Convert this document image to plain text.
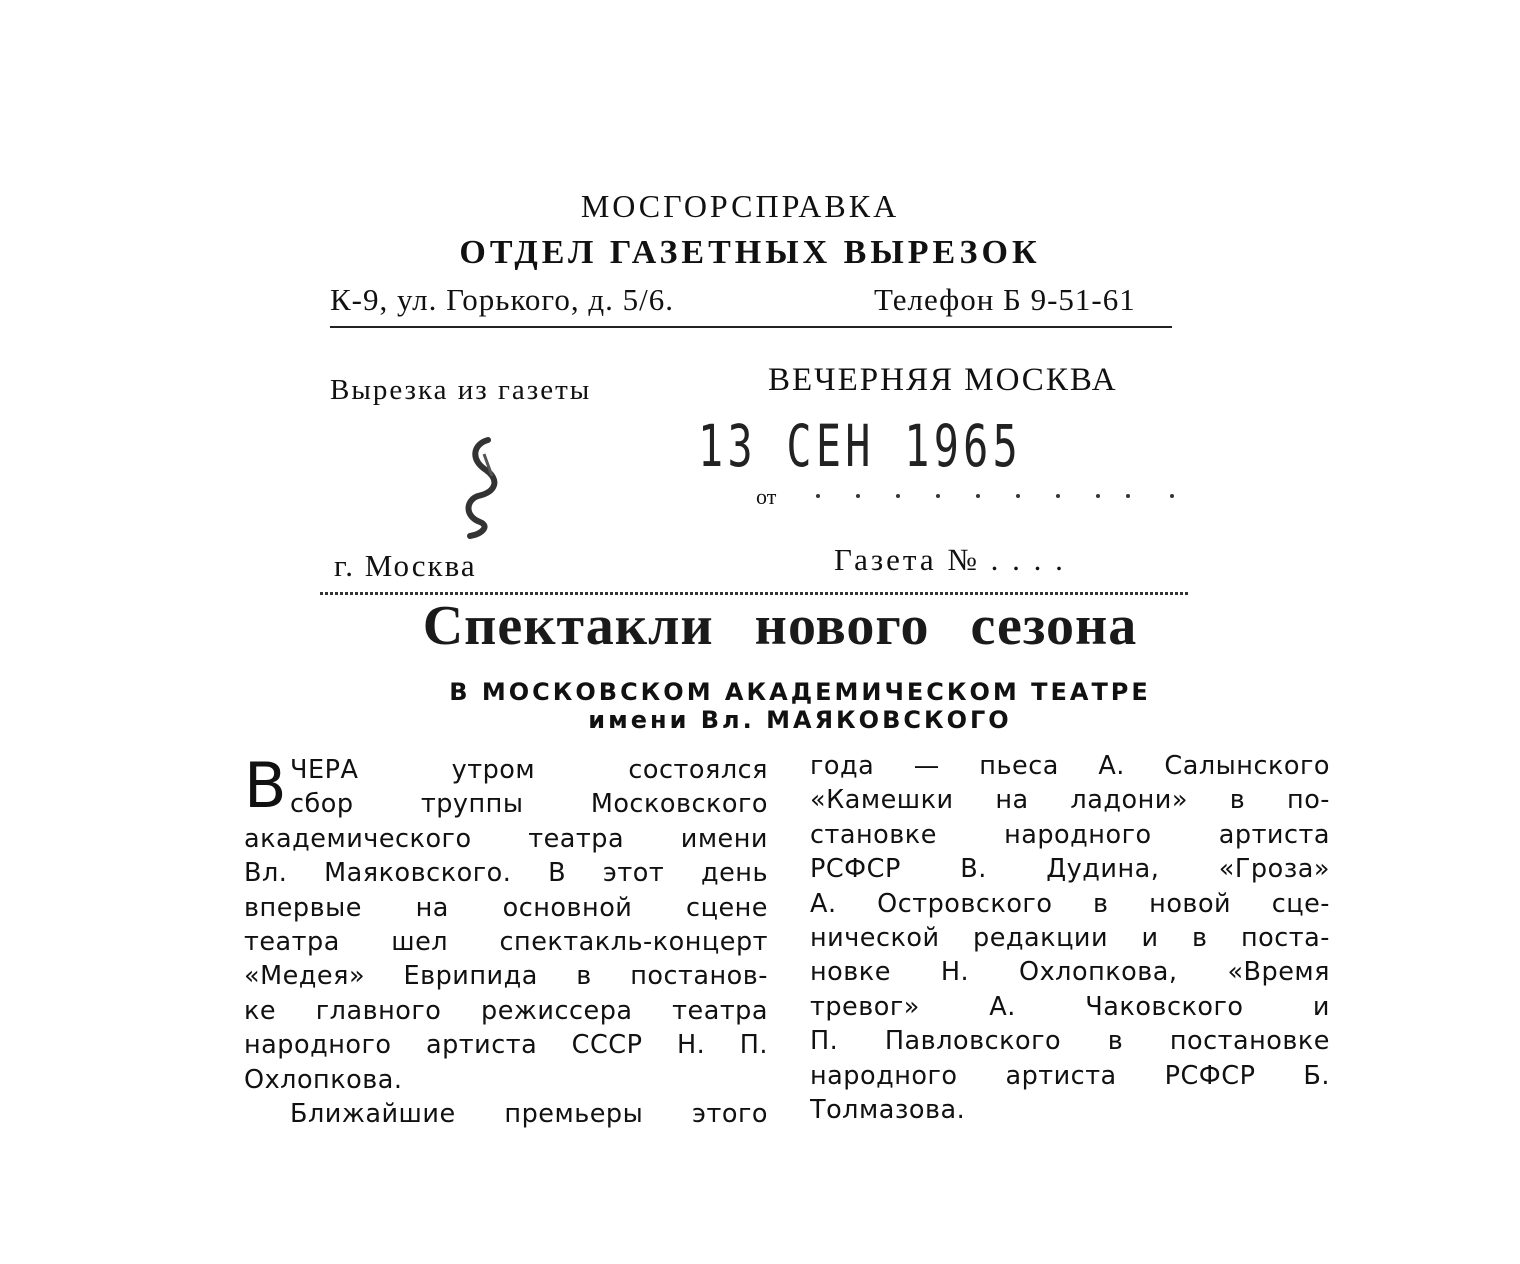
МОСГОРСПРАВКА
ОТДЕЛ ГАЗЕТНЫХ ВЫРЕЗОК
К-9, ул. Горького, д. 5/6.	Телефон Б 9-51-61
Вырезка из газеты	ВЕЧЕРНЯЯ МОСКВА
13 СЕН 1965
от
г. Москва	Газета № . . . .
Спектакли нового сезона
В МОСКОВСКОМ АКАДЕМИЧЕСКОМ ТЕАТРЕ
имени Вл. МАЯКОВСКОГО
В ЧЕРА утром состоялся
сбор труппы Московского
академического театра имени
Вл. Маяковского. В этот день
впервые на основной сцене
театра шел спектакль-концерт
«Медея» Еврипида в постанов-
ке главного режиссера театра
народного артиста СССР Н. П.
Охлопкова.
Ближайшие премьеры этого
года — пьеса А. Салынского
«Камешки на ладони» в по-
становке народного артиста
РСФСР В. Дудина, «Гроза»
А. Островского в новой сце-
нической редакции и в поста-
новке Н. Охлопкова, «Время
тревог» А. Чаковского и
П. Павловского в постановке
народного артиста РСФСР Б.
Толмазова.
